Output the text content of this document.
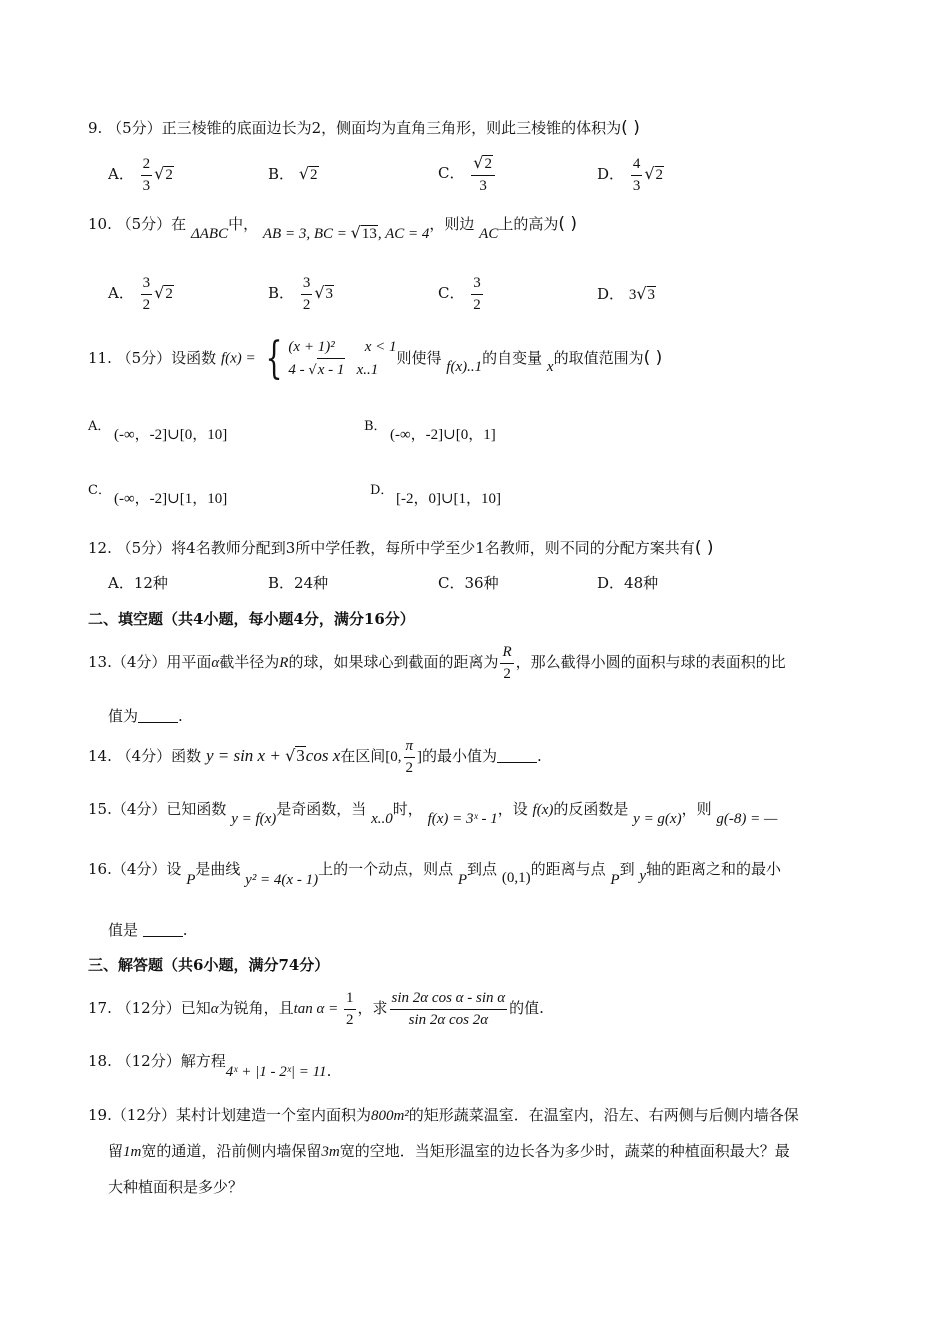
9. （5分）正三棱锥的底面边长为2，侧面均为直角三角形，则此三棱锥的体积为( )
A． $\frac{2}{3} √2$	B． √2	C． $\frac{√2}{3}$	D． $\frac{4}{3} √2$
10. （5分）在 ΔABC中， AB = 3, BC = √13, AC = 4，则边 AC上的高为( )
A． $\frac{3}{2} √2$	B． $\frac{3}{2} √3$	C． $\frac{3}{2}$	D． 3√3
11. （5分）设函数 f(x) = { (x + 1)² x < 1
4 - √x - 1 x..1
则使得 f(x)..1的自变量 x的取值范围为( )
A．
(-∞，-2]∪[0，10]
B．
(-∞，-2]∪[0，1]
C．
(-∞，-2]∪[1，10]
D．
[-2，0]∪[1，10]
12. （5分）将4名教师分配到3所中学任教，每所中学至少1名教师，则不同的分配方案共有( )
A．12种	B．24种	C．36种	D．48种
二、填空题（共4小题，每小题4分，满分16分）
13.（4分）用平面α截半径为R的球，如果球心到截面的距离为 $\frac{R}{2}$ ，那么截得小圆的面积与球的表面积的比
值为	.
14. （4分）函数 y = sin x + √3cos x在区间[0, $\frac{\pi}{2}$ ]的最小值为	.
15.（4分）已知函数 y = f(x)是奇函数，当 x..0时， f(x) = 3ˣ - 1，设 f(x)的反函数是 y = g(x)，则 g(-8) = —
16.（4分）设 P是曲线 y² = 4(x - 1)上的一个动点，则点 P到点 (0,1)的距离与点 P到 y轴的距离之和的最小
值是	.
三、解答题（共6小题，满分74分）
17. （12分）已知α为锐角，且$\tan \alpha = \frac{1}{2}$ ，求 $\frac{\text{sin 2α cos α - sin α}}{\text{sin 2α cos 2α}}$ 的值.
18. （12分）解方程4ˣ + |1 - 2ˣ| = 11.
19.（12分）某村计划建造一个室内面积为800m²的矩形蔬菜温室．在温室内，沿左、右两侧与后侧内墙各保
留1m宽的通道，沿前侧内墙保留3m宽的空地．当矩形温室的边长各为多少时，蔬菜的种植面积最大？最
大种植面积是多少？
